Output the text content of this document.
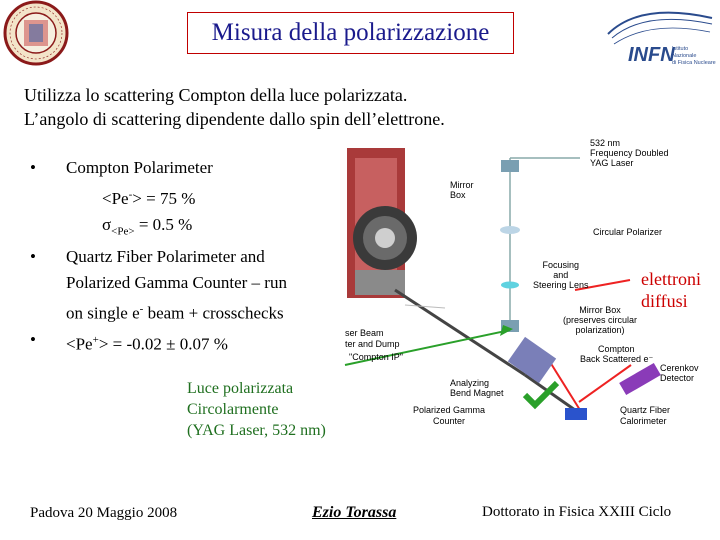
Misura della polarizzazione
INFN
Istituto
Nazionale
di Fisica Nucleare
Utilizza lo scattering Compton della luce polarizzata.
L’angolo di scattering dipendente dallo spin dell’elettrone.
532 nm
Frequency Doubled
YAG Laser
Mirror
Box
Circular Polarizer
Focusing
and
Steering Lens
Mirror Box
(preserves circular
polarization)
ser Beam
ter and Dump
"Compton IP"
Compton
Back Scattered e⁻
Analyzing
Bend Magnet
Cerenkov
Detector
Polarized Gamma
Counter
Quartz Fiber
Calorimeter
• Compton Polarimeter
<Pe-> = 75 %
$\sigma_{<Pe>} = 0.5$ %
• Quartz Fiber Polarimeter and
Polarized Gamma Counter – run
on single e- beam + crosschecks
• <Pe+> = -0.02 ± 0.07 %
Luce polarizzata
Circolarmente
(YAG Laser, 532 nm)
elettroni
diffusi
Padova 20 Maggio 2008	Ezio Torassa	Dottorato in Fisica XXIII Ciclo
